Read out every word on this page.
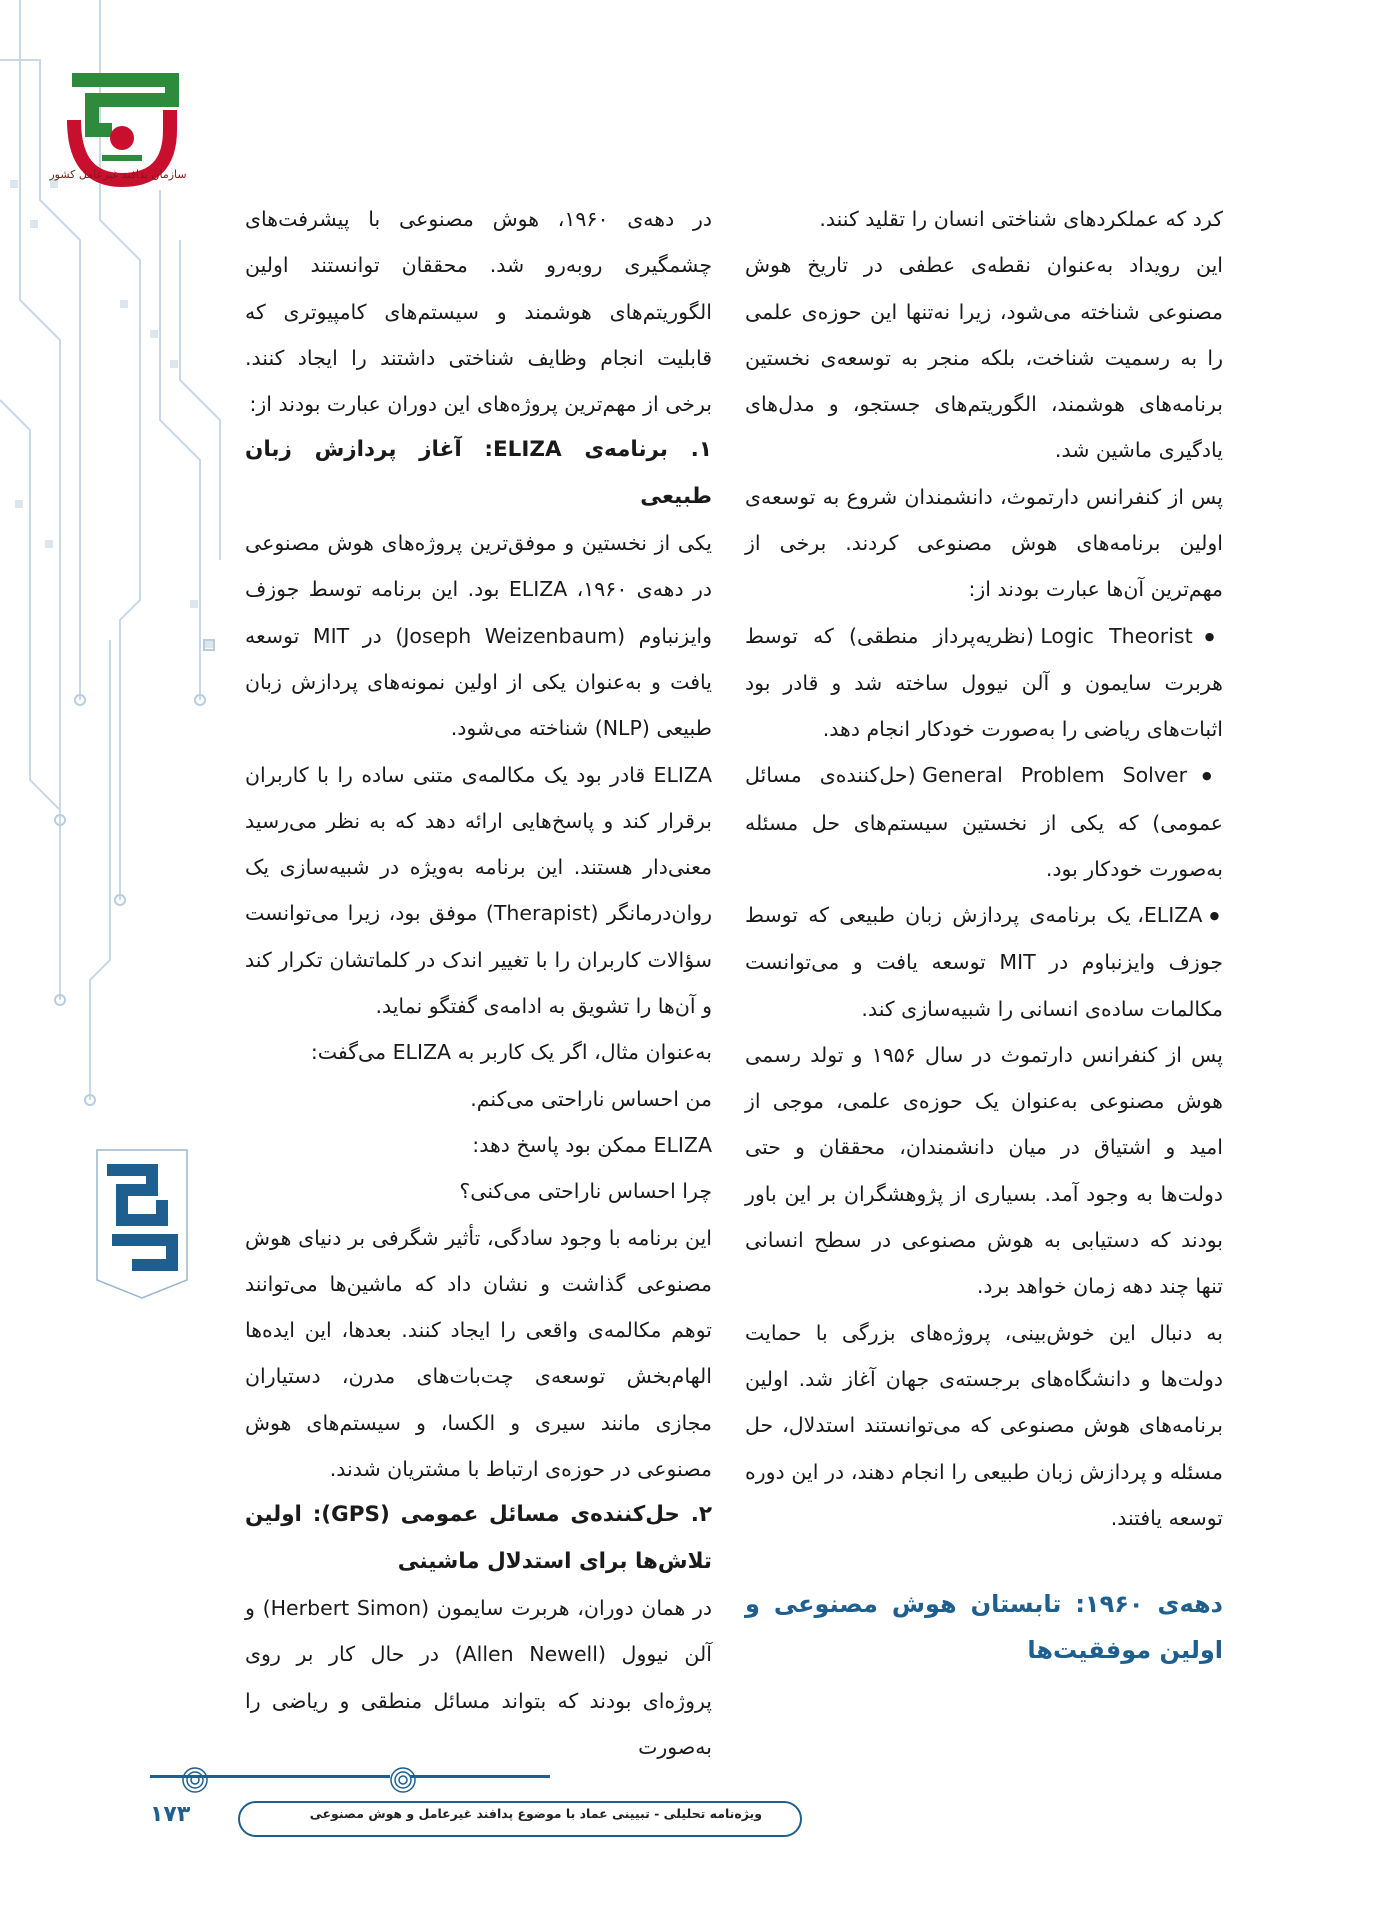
سازمان پدافند غیرعامل کشور

کرد که عملکردهای شناختی انسان را تقلید کنند.

این رویداد به‌عنوان نقطه‌ی عطفی در تاریخ هوش مصنوعی شناخته می‌شود، زیرا نه‌تنها این حوزه‌ی علمی را به رسمیت شناخت، بلکه منجر به توسعه‌ی نخستین برنامه‌های هوشمند، الگوریتم‌های جستجو، و مدل‌های یادگیری ماشین شد.

پس از کنفرانس دارتموث، دانشمندان شروع به توسعه‌ی اولین برنامه‌های هوش مصنوعی کردند. برخی از مهم‌ترین آن‌ها عبارت بودند از:

● Logic Theorist (نظریه‌پرداز منطقی) که توسط هربرت سایمون و آلن نیوول ساخته شد و قادر بود اثبات‌های ریاضی را به‌صورت خودکار انجام دهد.

● General Problem Solver (حل‌کننده‌ی مسائل عمومی) که یکی از نخستین سیستم‌های حل مسئله به‌صورت خودکار بود.

● ELIZA، یک برنامه‌ی پردازش زبان طبیعی که توسط جوزف وایزنباوم در MIT توسعه یافت و می‌توانست مکالمات ساده‌ی انسانی را شبیه‌سازی کند.

پس از کنفرانس دارتموث در سال ۱۹۵۶ و تولد رسمی هوش مصنوعی به‌عنوان یک حوزه‌ی علمی، موجی از امید و اشتیاق در میان دانشمندان، محققان و حتی دولت‌ها به وجود آمد. بسیاری از پژوهشگران بر این باور بودند که دستیابی به هوش مصنوعی در سطح انسانی تنها چند دهه زمان خواهد برد.

به دنبال این خوش‌بینی، پروژه‌های بزرگی با حمایت دولت‌ها و دانشگاه‌های برجسته‌ی جهان آغاز شد. اولین برنامه‌های هوش مصنوعی که می‌توانستند استدلال، حل مسئله و پردازش زبان طبیعی را انجام دهند، در این دوره توسعه یافتند.

دهه‌ی ۱۹۶۰: تابستان هوش مصنوعی و اولین موفقیت‌ها

در دهه‌ی ۱۹۶۰، هوش مصنوعی با پیشرفت‌های چشمگیری روبه‌رو شد. محققان توانستند اولین الگوریتم‌های هوشمند و سیستم‌های کامپیوتری که قابلیت انجام وظایف شناختی داشتند را ایجاد کنند. برخی از مهم‌ترین پروژه‌های این دوران عبارت بودند از:

۱. برنامه‌ی ELIZA: آغاز پردازش زبان طبیعی

یکی از نخستین و موفق‌ترین پروژه‌های هوش مصنوعی در دهه‌ی ۱۹۶۰، ELIZA بود. این برنامه توسط جوزف وایزنباوم (Joseph Weizenbaum) در MIT توسعه یافت و به‌عنوان یکی از اولین نمونه‌های پردازش زبان طبیعی (NLP) شناخته می‌شود.

ELIZA قادر بود یک مکالمه‌ی متنی ساده را با کاربران برقرار کند و پاسخ‌هایی ارائه دهد که به نظر می‌رسید معنی‌دار هستند. این برنامه به‌ویژه در شبیه‌سازی یک روان‌درمانگر (Therapist) موفق بود، زیرا می‌توانست سؤالات کاربران را با تغییر اندک در کلماتشان تکرار کند و آن‌ها را تشویق به ادامه‌ی گفتگو نماید.

به‌عنوان مثال، اگر یک کاربر به ELIZA می‌گفت:

من احساس ناراحتی می‌کنم.

ELIZA ممکن بود پاسخ دهد:

چرا احساس ناراحتی می‌کنی؟

این برنامه با وجود سادگی، تأثیر شگرفی بر دنیای هوش مصنوعی گذاشت و نشان داد که ماشین‌ها می‌توانند توهم مکالمه‌ی واقعی را ایجاد کنند. بعدها، این ایده‌ها الهام‌بخش توسعه‌ی چت‌بات‌های مدرن، دستیاران مجازی مانند سیری و الکسا، و سیستم‌های هوش مصنوعی در حوزه‌ی ارتباط با مشتریان شدند.

۲. حل‌کننده‌ی مسائل عمومی (GPS): اولین تلاش‌ها برای استدلال ماشینی

در همان دوران، هربرت سایمون (Herbert Simon) و آلن نیوول (Allen Newell) در حال کار بر روی پروژه‌ای بودند که بتواند مسائل منطقی و ریاضی را به‌صورت

۱۷۳	ویژه‌نامه تحلیلی - تبیینی عماد با موضوع پدافند غیرعامل و هوش مصنوعی
